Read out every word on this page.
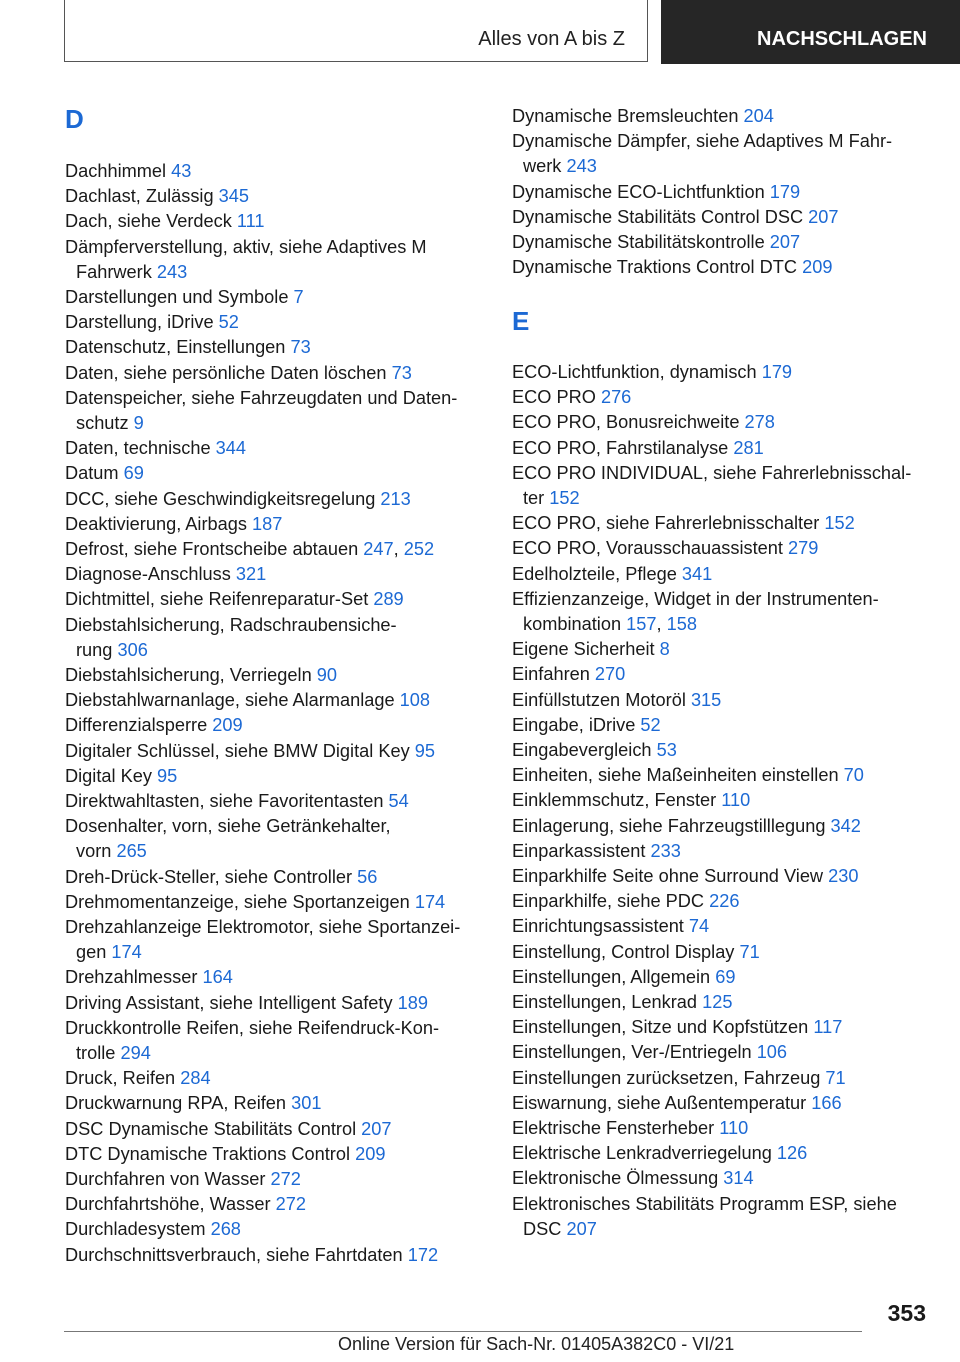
Alles von A bis Z	NACHSCHLAGEN
D
Dachhimmel 43
Dachlast, Zulässig 345
Dach, siehe Verdeck 111
Dämpferverstellung, aktiv, siehe Adaptives M

Fahrwerk 243
Darstellungen und Symbole 7
Darstellung, iDrive 52
Datenschutz, Einstellungen 73
Daten, siehe persönliche Daten löschen 73
Datenspeicher, siehe Fahrzeugdaten und Daten-

schutz 9
Daten, technische 344
Datum 69
DCC, siehe Geschwindigkeitsregelung 213
Deaktivierung, Airbags 187
Defrost, siehe Frontscheibe abtauen 247, 252
Diagnose-Anschluss 321
Dichtmittel, siehe Reifenreparatur-Set 289
Diebstahlsicherung, Radschraubensiche-

rung 306
Diebstahlsicherung, Verriegeln 90
Diebstahlwarnanlage, siehe Alarmanlage 108
Differenzialsperre 209
Digitaler Schlüssel, siehe BMW Digital Key 95
Digital Key 95
Direktwahltasten, siehe Favoritentasten 54
Dosenhalter, vorn, siehe Getränkehalter,

vorn 265
Dreh-Drück-Steller, siehe Controller 56
Drehmomentanzeige, siehe Sportanzeigen 174
Drehzahlanzeige Elektromotor, siehe Sportanzei-

gen 174
Drehzahlmesser 164
Driving Assistant, siehe Intelligent Safety 189
Druckkontrolle Reifen, siehe Reifendruck-Kon-

trolle 294
Druck, Reifen 284
Druckwarnung RPA, Reifen 301
DSC Dynamische Stabilitäts Control 207
DTC Dynamische Traktions Control 209
Durchfahren von Wasser 272
Durchfahrtshöhe, Wasser 272
Durchladesystem 268
Durchschnittsverbrauch, siehe Fahrtdaten 172
Dynamische Bremsleuchten 204
Dynamische Dämpfer, siehe Adaptives M Fahr-

werk 243
Dynamische ECO-Lichtfunktion 179
Dynamische Stabilitäts Control DSC 207
Dynamische Stabilitätskontrolle 207
Dynamische Traktions Control DTC 209
E
ECO-Lichtfunktion, dynamisch 179
ECO PRO 276
ECO PRO, Bonusreichweite 278
ECO PRO, Fahrstilanalyse 281
ECO PRO INDIVIDUAL, siehe Fahrerlebnisschal-

ter 152
ECO PRO, siehe Fahrerlebnisschalter 152
ECO PRO, Vorausschauassistent 279
Edelholzteile, Pflege 341
Effizienzanzeige, Widget in der Instrumenten-

kombination 157, 158
Eigene Sicherheit 8
Einfahren 270
Einfüllstutzen Motoröl 315
Eingabe, iDrive 52
Eingabevergleich 53
Einheiten, siehe Maßeinheiten einstellen 70
Einklemmschutz, Fenster 110
Einlagerung, siehe Fahrzeugstilllegung 342
Einparkassistent 233
Einparkhilfe Seite ohne Surround View 230
Einparkhilfe, siehe PDC 226
Einrichtungsassistent 74
Einstellung, Control Display 71
Einstellungen, Allgemein 69
Einstellungen, Lenkrad 125
Einstellungen, Sitze und Kopfstützen 117
Einstellungen, Ver-/Entriegeln 106
Einstellungen zurücksetzen, Fahrzeug 71
Eiswarnung, siehe Außentemperatur 166
Elektrische Fensterheber 110
Elektrische Lenkradverriegelung 126
Elektronische Ölmessung 314
Elektronisches Stabilitäts Programm ESP, siehe

DSC 207
353
Online Version für Sach-Nr. 01405A382C0 - VI/21
